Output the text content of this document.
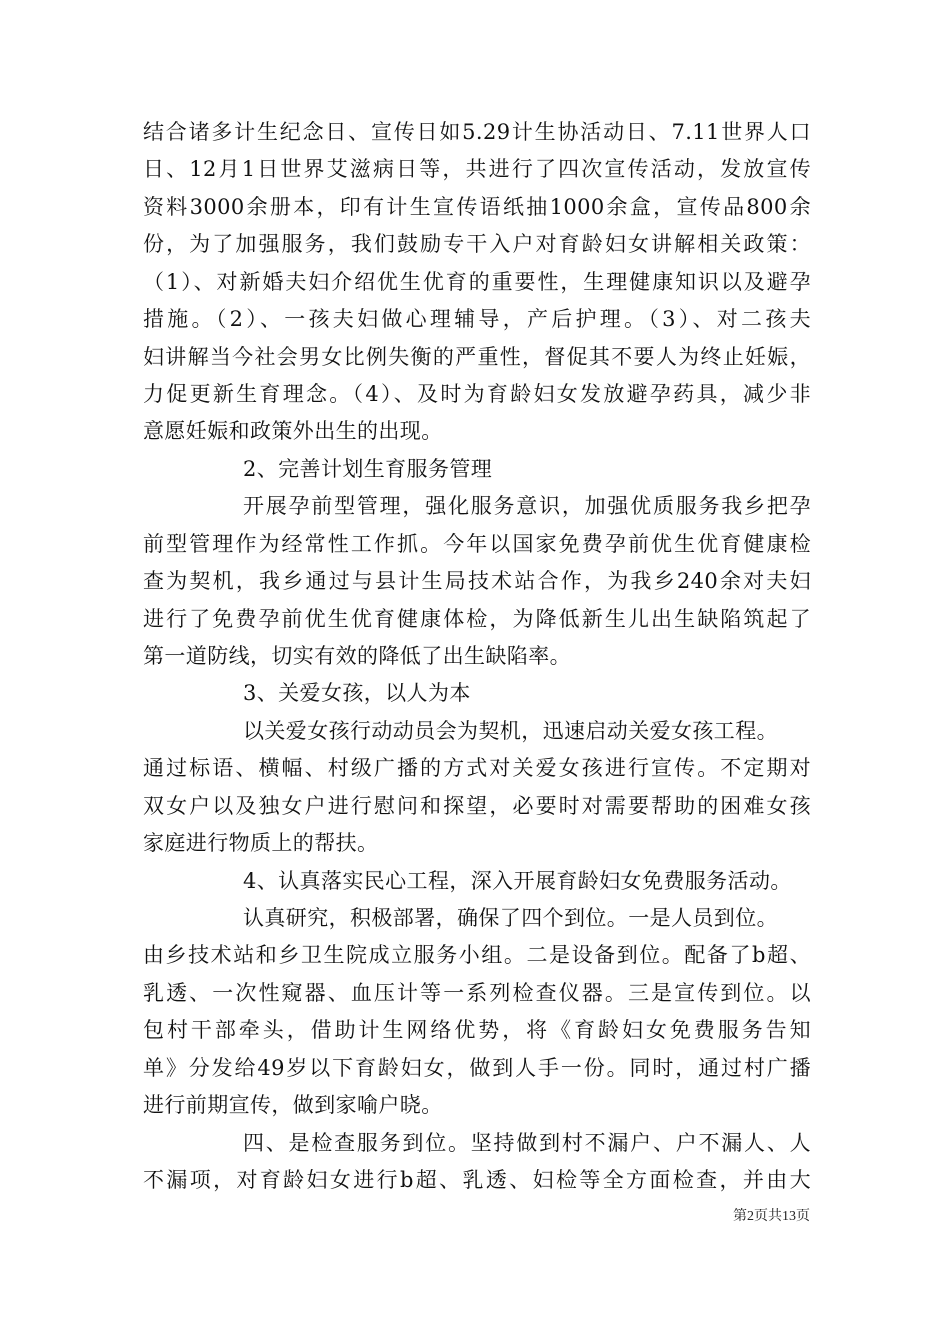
结合诸多计生纪念日、宣传日如5.29计生协活动日、7.11世界人口
日、12月1日世界艾滋病日等，共进行了四次宣传活动，发放宣传
资料3000余册本，印有计生宣传语纸抽1000余盒，宣传品800余
份，为了加强服务，我们鼓励专干入户对育龄妇女讲解相关政策：
（1）、对新婚夫妇介绍优生优育的重要性，生理健康知识以及避孕
措施。（2）、一孩夫妇做心理辅导，产后护理。（3）、对二孩夫
妇讲解当今社会男女比例失衡的严重性，督促其不要人为终止妊娠，
力促更新生育理念。（4）、及时为育龄妇女发放避孕药具，减少非
意愿妊娠和政策外出生的出现。
2、完善计划生育服务管理
开展孕前型管理，强化服务意识，加强优质服务我乡把孕
前型管理作为经常性工作抓。今年以国家免费孕前优生优育健康检
查为契机，我乡通过与县计生局技术站合作，为我乡240余对夫妇
进行了免费孕前优生优育健康体检，为降低新生儿出生缺陷筑起了
第一道防线，切实有效的降低了出生缺陷率。
3、关爱女孩，以人为本
以关爱女孩行动动员会为契机，迅速启动关爱女孩工程。
通过标语、横幅、村级广播的方式对关爱女孩进行宣传。不定期对
双女户以及独女户进行慰问和探望，必要时对需要帮助的困难女孩
家庭进行物质上的帮扶。
4、认真落实民心工程，深入开展育龄妇女免费服务活动。
认真研究，积极部署，确保了四个到位。一是人员到位。
由乡技术站和乡卫生院成立服务小组。二是设备到位。配备了b超、
乳透、一次性窥器、血压计等一系列检查仪器。三是宣传到位。以
包村干部牵头，借助计生网络优势，将《育龄妇女免费服务告知
单》分发给49岁以下育龄妇女，做到人手一份。同时，通过村广播
进行前期宣传，做到家喻户晓。
四、是检查服务到位。坚持做到村不漏户、户不漏人、人
不漏项，对育龄妇女进行b超、乳透、妇检等全方面检查，并由大
第2页共13页
